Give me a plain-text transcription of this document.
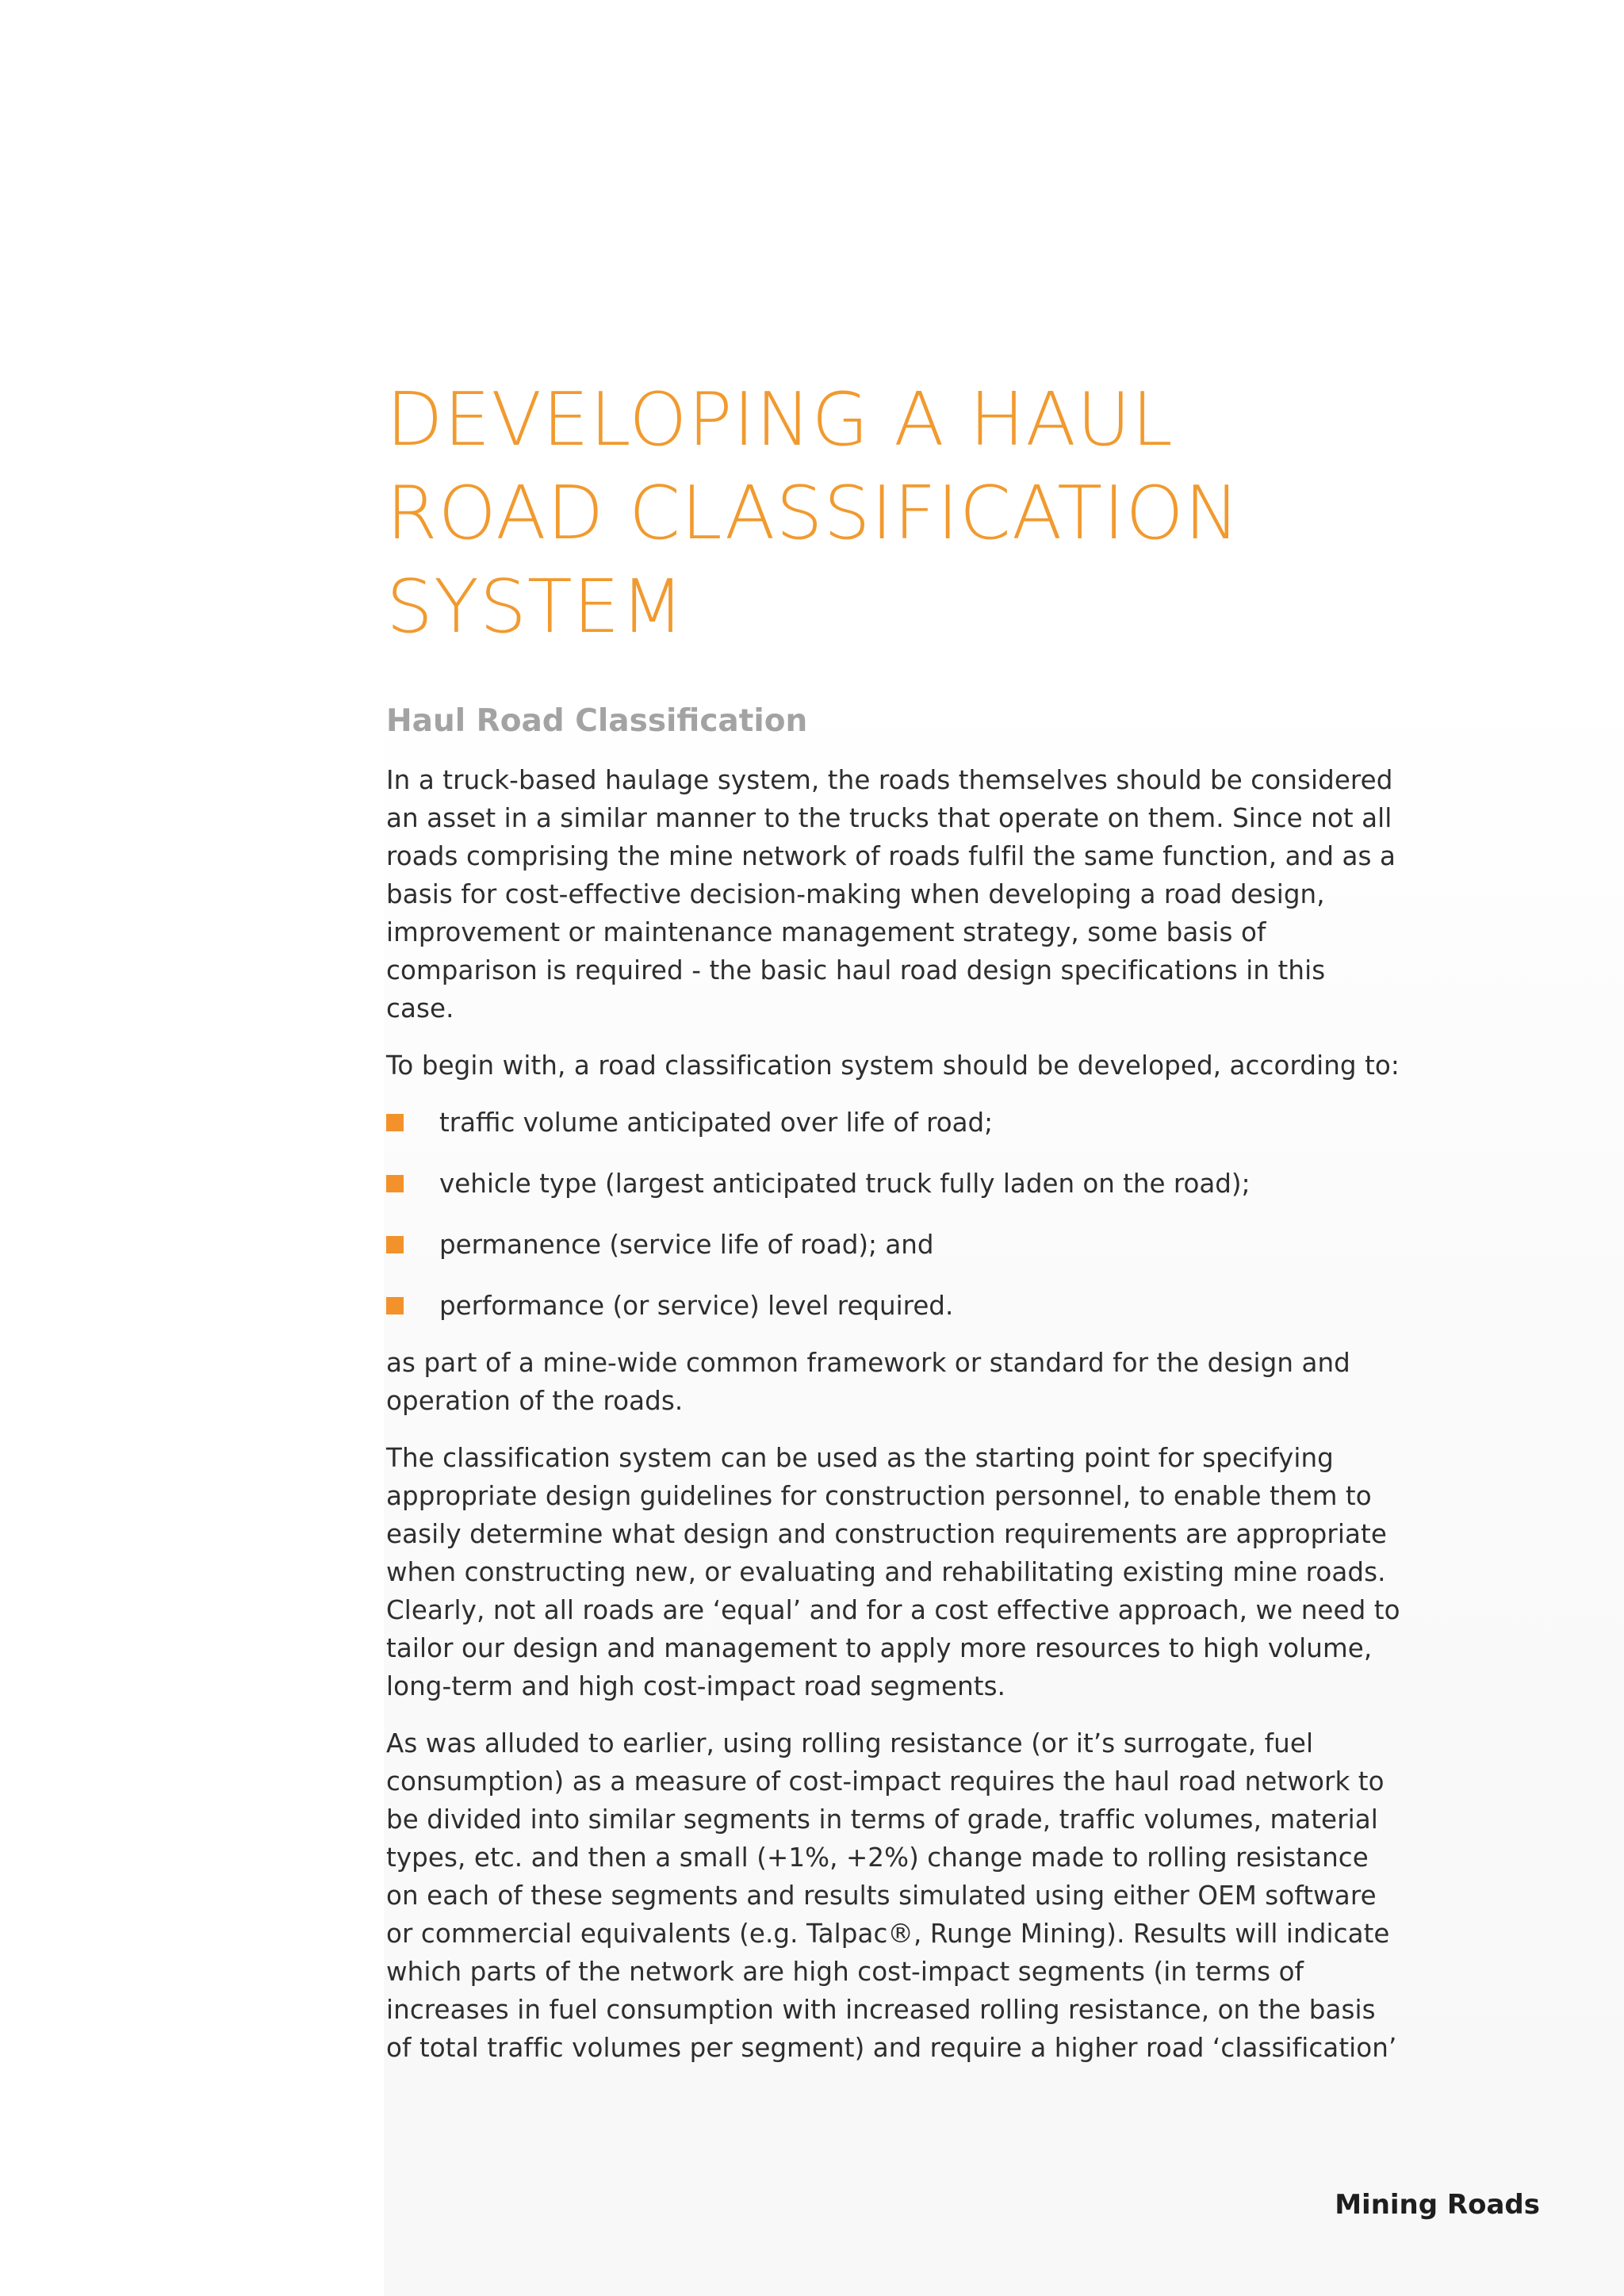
DEVELOPING A HAUL ROAD CLASSIFICATION SYSTEM
Haul Road Classification

In a truck-based haulage system, the roads themselves should be considered an asset in a similar manner to the trucks that operate on them. Since not all roads comprising the mine network of roads fulfil the same function, and as a basis for cost-effective decision-making when developing a road design, improvement or maintenance management strategy, some basis of comparison is required - the basic haul road design specifications in this case.

To begin with, a road classification system should be developed, according to:

traffic volume anticipated over life of road;
vehicle type (largest anticipated truck fully laden on the road);
permanence (service life of road); and
performance (or service) level required.

as part of a mine-wide common framework or standard for the design and operation of the roads.

The classification system can be used as the starting point for specifying appropriate design guidelines for construction personnel, to enable them to easily determine what design and construction requirements are appropriate when constructing new, or evaluating and rehabilitating existing mine roads. Clearly, not all roads are ‘equal’ and for a cost effective approach, we need to tailor our design and management to apply more resources to high volume, long-term and high cost-impact road segments.

As was alluded to earlier, using rolling resistance (or it’s surrogate, fuel consumption) as a measure of cost-impact requires the haul road network to be divided into similar segments in terms of grade, traffic volumes, material types, etc. and then a small (+1%, +2%) change made to rolling resistance on each of these segments and results simulated using either OEM software or commercial equivalents (e.g. Talpac®, Runge Mining). Results will indicate which parts of the network are high cost-impact segments (in terms of increases in fuel consumption with increased rolling resistance, on the basis of total traffic volumes per segment) and require a higher road ‘classification’

Mining Roads
